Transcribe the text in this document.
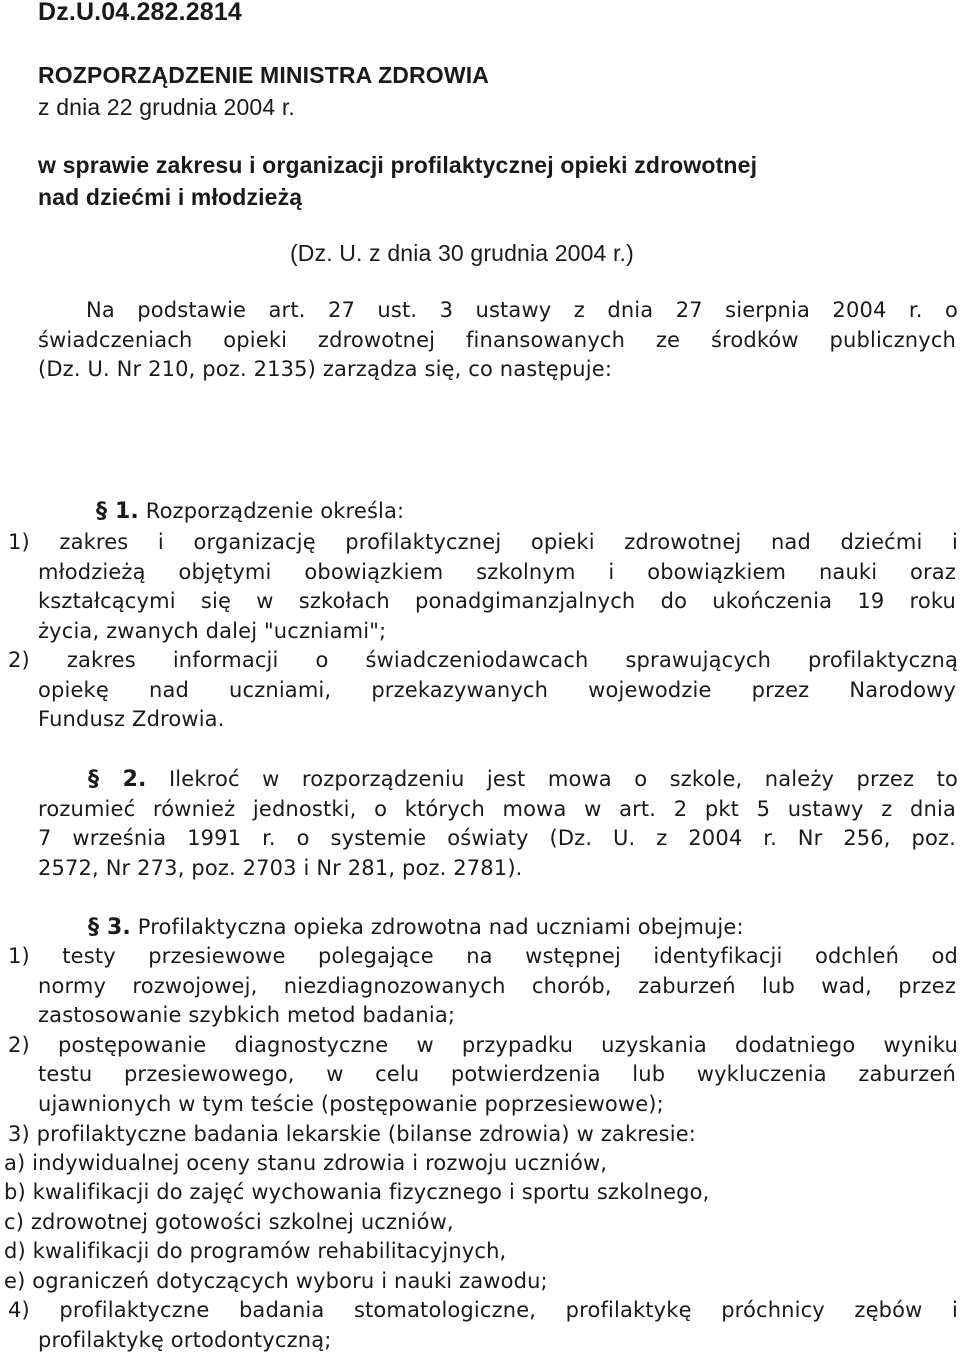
Dz.U.04.282.2814
ROZPORZĄDZENIE MINISTRA ZDROWIA
z dnia 22 grudnia 2004 r.
w sprawie zakresu i organizacji profilaktycznej opieki zdrowotnej
nad dziećmi i młodzieżą
(Dz. U. z dnia 30 grudnia 2004 r.)
Na podstawie art. 27 ust. 3 ustawy z dnia 27 sierpnia 2004 r. o
świadczeniach opieki zdrowotnej finansowanych ze środków publicznych
(Dz. U. Nr 210, poz. 2135) zarządza się, co następuje:
§ 1. Rozporządzenie określa:
1) zakres i organizację profilaktycznej opieki zdrowotnej nad dziećmi i
młodzieżą objętymi obowiązkiem szkolnym i obowiązkiem nauki oraz
kształcącymi się w szkołach ponadgimanzjalnych do ukończenia 19 roku
życia, zwanych dalej "uczniami";
2) zakres informacji o świadczeniodawcach sprawujących profilaktyczną
opiekę nad uczniami, przekazywanych wojewodzie przez Narodowy
Fundusz Zdrowia.
§ 2. Ilekroć w rozporządzeniu jest mowa o szkole, należy przez to
rozumieć również jednostki, o których mowa w art. 2 pkt 5 ustawy z dnia
7 września 1991 r. o systemie oświaty (Dz. U. z 2004 r. Nr 256, poz.
2572, Nr 273, poz. 2703 i Nr 281, poz. 2781).
§ 3. Profilaktyczna opieka zdrowotna nad uczniami obejmuje:
1) testy przesiewowe polegające na wstępnej identyfikacji odchleń od
normy rozwojowej, niezdiagnozowanych chorób, zaburzeń lub wad, przez
zastosowanie szybkich metod badania;
2) postępowanie diagnostyczne w przypadku uzyskania dodatniego wyniku
testu przesiewowego, w celu potwierdzenia lub wykluczenia zaburzeń
ujawnionych w tym teście (postępowanie poprzesiewowe);
3) profilaktyczne badania lekarskie (bilanse zdrowia) w zakresie:
a) indywidualnej oceny stanu zdrowia i rozwoju uczniów,
b) kwalifikacji do zajęć wychowania fizycznego i sportu szkolnego,
c) zdrowotnej gotowości szkolnej uczniów,
d) kwalifikacji do programów rehabilitacyjnych,
e) ograniczeń dotyczących wyboru i nauki zawodu;
4) profilaktyczne badania stomatologiczne, profilaktykę próchnicy zębów i
profilaktykę ortodontyczną;
